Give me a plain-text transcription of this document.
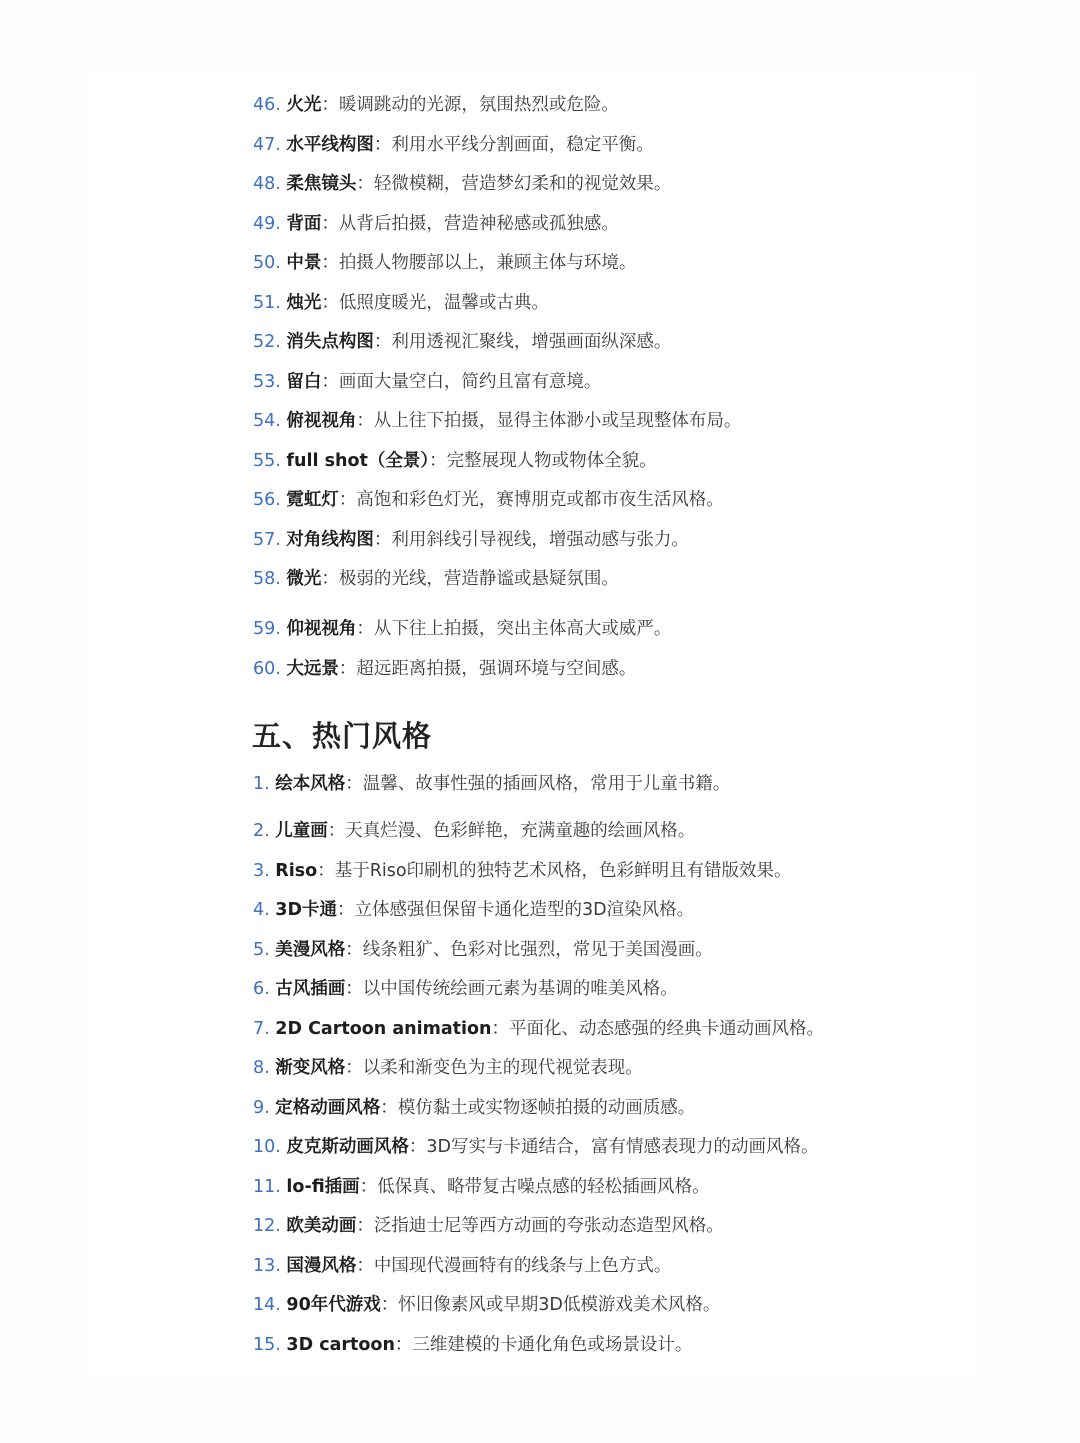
46 . 火光：暖调跳动的光源，氛围热烈或危险。
47 . 水平线构图：利用水平线分割画面，稳定平衡。
48 . 柔焦镜头：轻微模糊，营造梦幻柔和的视觉效果。
49 . 背面：从背后拍摄，营造神秘感或孤独感。
50 . 中景：拍摄人物腰部以上，兼顾主体与环境。
51 . 烛光：低照度暖光，温馨或古典。
52 . 消失点构图：利用透视汇聚线，增强画面纵深感。
53 . 留白：画面大量空白，简约且富有意境。
54 . 俯视视角：从上往下拍摄，显得主体渺小或呈现整体布局。
55 . full shot（全景）：完整展现人物或物体全貌。
56 . 霓虹灯：高饱和彩色灯光，赛博朋克或都市夜生活风格。
57 . 对角线构图：利用斜线引导视线，增强动感与张力。
58 . 微光：极弱的光线，营造静谧或悬疑氛围。
59 . 仰视视角：从下往上拍摄，突出主体高大或威严。
60 . 大远景：超远距离拍摄，强调环境与空间感。
五、热门风格
1 . 绘本风格：温馨、故事性强的插画风格，常用于儿童书籍。
2 . 儿童画：天真烂漫、色彩鲜艳，充满童趣的绘画风格。
3 . Riso：基于Riso印刷机的独特艺术风格，色彩鲜明且有错版效果。
4 . 3D卡通：立体感强但保留卡通化造型的3D渲染风格。
5 . 美漫风格：线条粗犷、色彩对比强烈，常见于美国漫画。
6 . 古风插画：以中国传统绘画元素为基调的唯美风格。
7 . 2D Cartoon animation：平面化、动态感强的经典卡通动画风格。
8 . 渐变风格：以柔和渐变色为主的现代视觉表现。
9 . 定格动画风格：模仿黏土或实物逐帧拍摄的动画质感。
10 . 皮克斯动画风格：3D写实与卡通结合，富有情感表现力的动画风格。
11 . lo-fi插画：低保真、略带复古噪点感的轻松插画风格。
12 . 欧美动画：泛指迪士尼等西方动画的夸张动态造型风格。
13 . 国漫风格：中国现代漫画特有的线条与上色方式。
14 . 90年代游戏：怀旧像素风或早期3D低模游戏美术风格。
15 . 3D cartoon：三维建模的卡通化角色或场景设计。
